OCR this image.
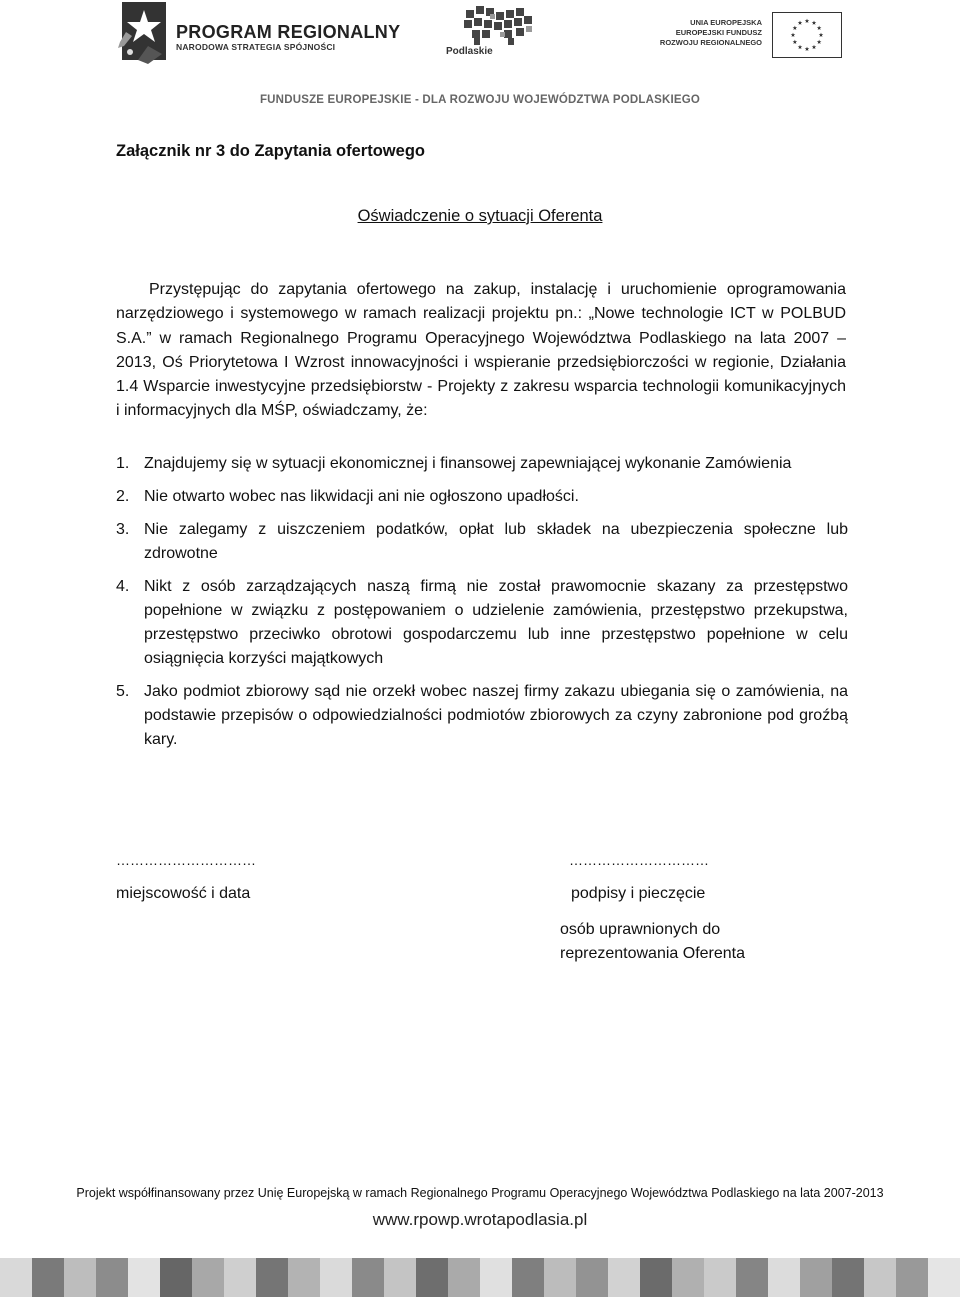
PROGRAM REGIONALNY
NARODOWA STRATEGIA SPÓJNOŚCI	Podlaskie
UNIA EUROPEJSKA
EUROPEJSKI FUNDUSZ
ROZWOJU REGIONALNEGO
FUNDUSZE EUROPEJSKIE - DLA ROZWOJU WOJEWÓDZTWA PODLASKIEGO
Załącznik nr 3 do Zapytania ofertowego
Oświadczenie o sytuacji Oferenta
Przystępując do zapytania ofertowego na zakup, instalację i uruchomienie oprogramowania narzędziowego i systemowego w ramach realizacji projektu pn.: „Nowe technologie ICT w POLBUD S.A.” w ramach Regionalnego Programu Operacyjnego Województwa Podlaskiego na lata 2007 – 2013, Oś Priorytetowa I Wzrost innowacyjności i wspieranie przedsiębiorczości w regionie, Działania 1.4 Wsparcie inwestycyjne przedsiębiorstw - Projekty z zakresu wsparcia technologii komunikacyjnych i informacyjnych dla MŚP, oświadczamy, że:
1. Znajdujemy się w sytuacji ekonomicznej i finansowej zapewniającej wykonanie Zamówienia
2. Nie otwarto wobec nas likwidacji ani nie ogłoszono upadłości.
3. Nie zalegamy z uiszczeniem podatków, opłat lub składek na ubezpieczenia społeczne lub zdrowotne
4. Nikt z osób zarządzających naszą firmą nie został prawomocnie skazany za przestępstwo popełnione w związku z postępowaniem o udzielenie zamówienia, przestępstwo przekupstwa, przestępstwo przeciwko obrotowi gospodarczemu lub inne przestępstwo popełnione w celu osiągnięcia korzyści majątkowych
5. Jako podmiot zbiorowy sąd nie orzekł wobec naszej firmy zakazu ubiegania się o zamówienia, na podstawie przepisów o odpowiedzialności podmiotów zbiorowych za czyny zabronione pod groźbą kary.
…………………………	…………………………
miejscowość i data	podpisy i pieczęcie
osób uprawnionych do reprezentowania Oferenta
Projekt współfinansowany przez Unię Europejską w ramach Regionalnego Programu Operacyjnego Województwa Podlaskiego na lata 2007-2013
www.rpowp.wrotapodlasia.pl
